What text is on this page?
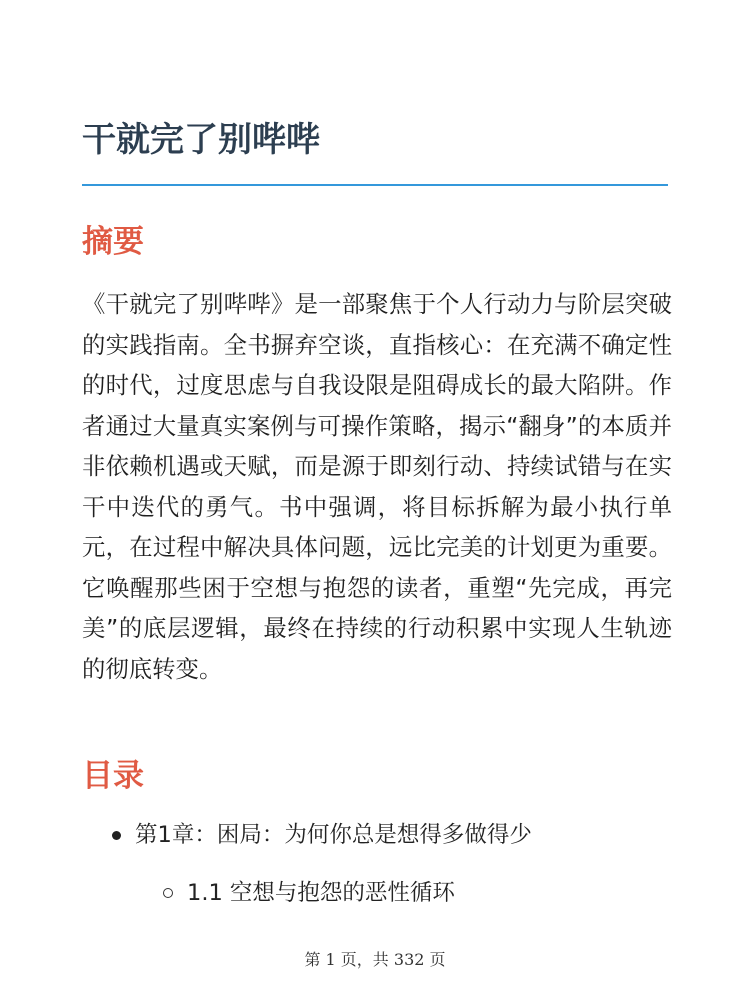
干就完了别哔哔
摘要

《干就完了别哔哔》是一部聚焦于个人行动力与阶层突破的实践指南。全书摒弃空谈，直指核心：在充满不确定性的时代，过度思虑与自我设限是阻碍成长的最大陷阱。作者通过大量真实案例与可操作策略，揭示“翻身”的本质并非依赖机遇或天赋，而是源于即刻行动、持续试错与在实干中迭代的勇气。书中强调，将目标拆解为最小执行单元，在过程中解决具体问题，远比完美的计划更为重要。它唤醒那些困于空想与抱怨的读者，重塑“先完成，再完美”的底层逻辑，最终在持续的行动积累中实现人生轨迹的彻底转变。

目录
第1章：困局：为何你总是想得多做得少
1.1 空想与抱怨的恶性循环
第 1 页，共 332 页
